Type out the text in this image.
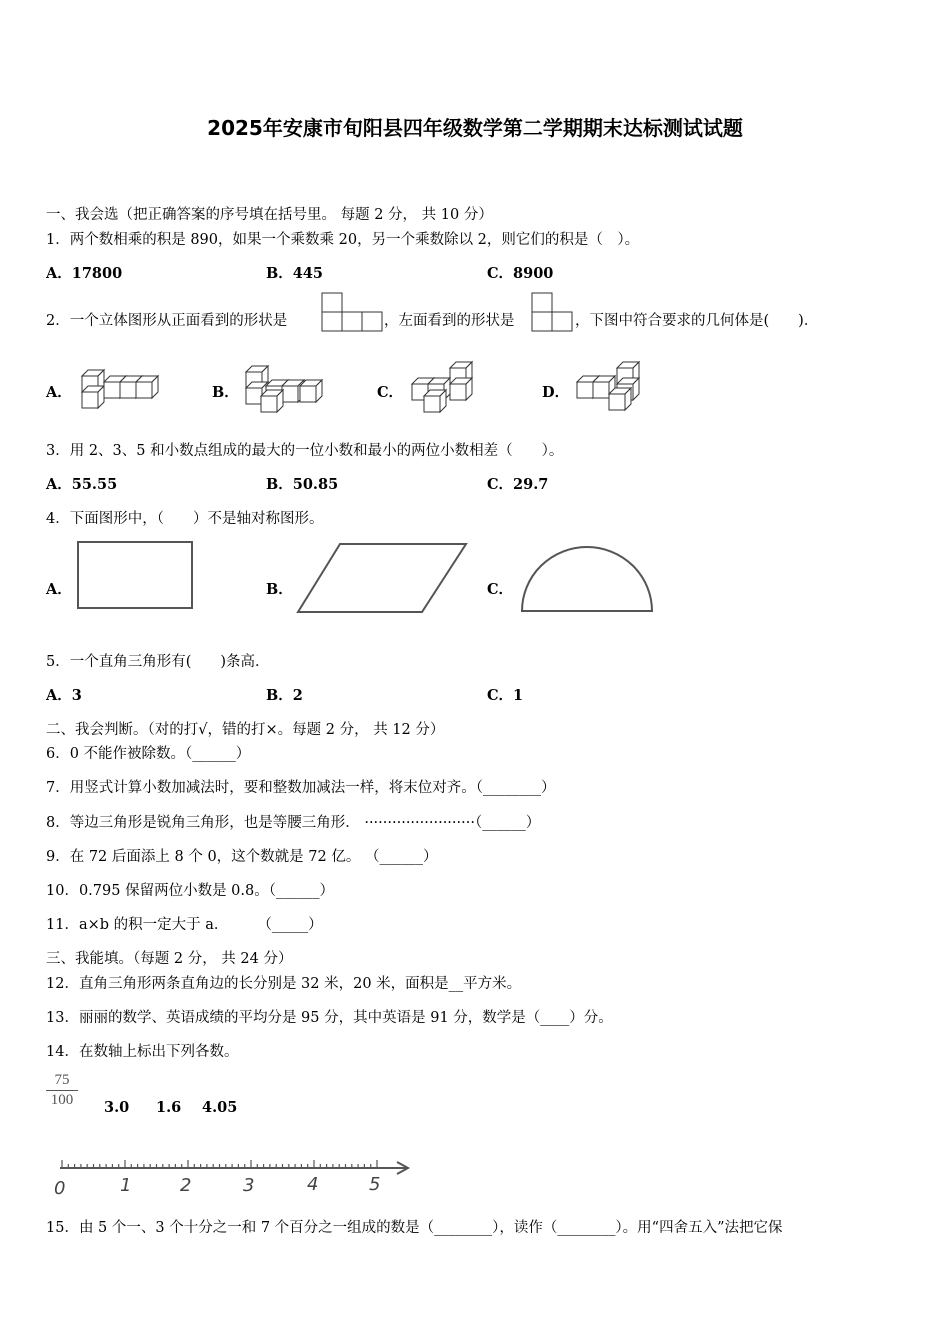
2025年安康市旬阳县四年级数学第二学期期末达标测试试题
一、我会选（把正确答案的序号填在括号里。 每题 2 分， 共 10 分）
1．两个数相乘的积是 890，如果一个乘数乘 20，另一个乘数除以 2，则它们的积是（　）。
A．17800	B．445	C．8900
2．一个立体图形从正面看到的形状是	，左面看到的形状是	，下图中符合要求的几何体是(　　)．
A．	B．	C．	D．
3．用 2、3、5 和小数点组成的最大的一位小数和最小的两位小数相差（　　）。
A．55.55	B．50.85	C．29.7
4．下面图形中，（　　）不是轴对称图形。
A．	B．	C．
5．一个直角三角形有(　　)条高．
A．3	B．2	C．1
二、我会判断。（对的打√，错的打×。每题 2 分， 共 12 分）
6．0 不能作被除数。（______）
7．用竖式计算小数加减法时，要和整数加减法一样，将末位对齐。（________）
8．等边三角形是锐角三角形，也是等腰三角形． ························（______）
9．在 72 后面添上 8 个 0，这个数就是 72 亿。 （______）
10．0.795 保留两位小数是 0.8。（______）
11．a×b 的积一定大于 a．　　　（_____）
三、我能填。（每题 2 分， 共 24 分）
12．直角三角形两条直角边的长分别是 32 米，20 米，面积是__平方米。
13．丽丽的数学、英语成绩的平均分是 95 分，其中英语是 91 分，数学是（____）分。
14．在数轴上标出下列各数。
75
100	3.0 1.6 4.05
0	1	2	3	4	5
15．由 5 个一、3 个十分之一和 7 个百分之一组成的数是（________），读作（________）。用“四舍五入”法把它保
